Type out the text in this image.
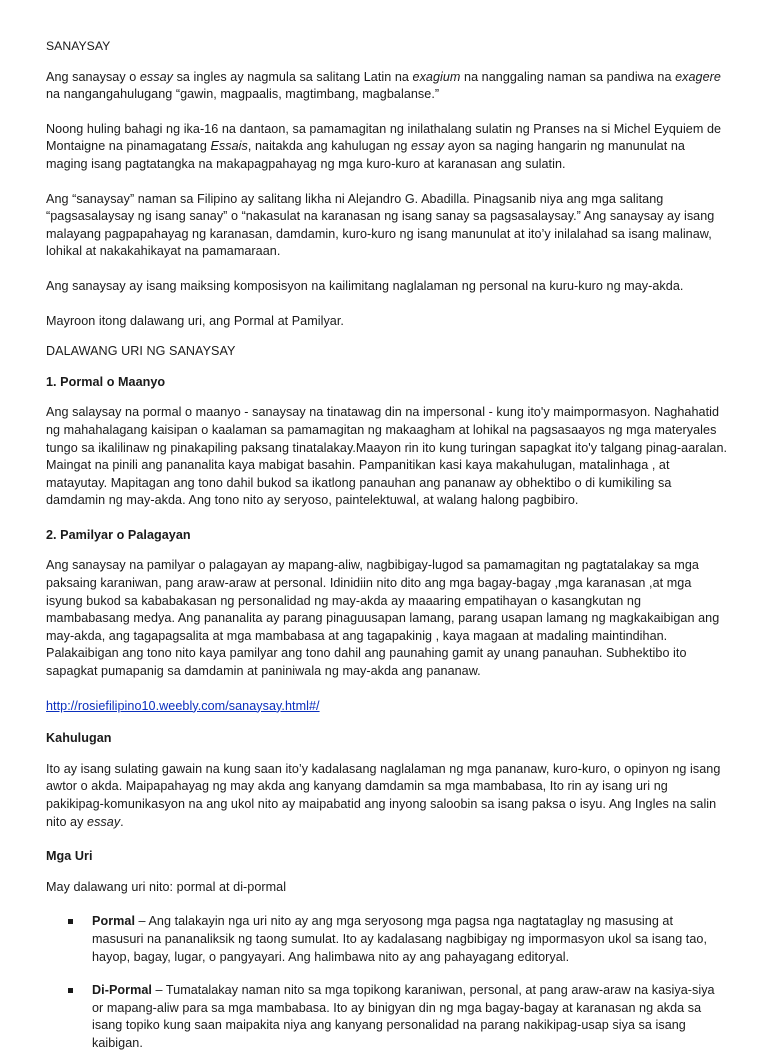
SANAYSAY

Ang sanaysay o essay sa ingles ay nagmula sa salitang Latin na exagium na nanggaling naman sa pandiwa na exagere na nangangahulugang “gawin, magpaalis, magtimbang, magbalanse.”

Noong huling bahagi ng ika-16 na dantaon, sa pamamagitan ng inilathalang sulatin ng Pranses na si Michel Eyquiem de Montaigne na pinamagatang Essais, naitakda ang kahulugan ng essay ayon sa naging hangarin ng manunulat na maging isang pagtatangka na makapagpahayag ng mga kuro-kuro at karanasan ang sulatin.

Ang “sanaysay” naman sa Filipino ay salitang likha ni Alejandro G. Abadilla. Pinagsanib niya ang mga salitang “pagsasalaysay ng isang sanay” o “nakasulat na karanasan ng isang sanay sa pagsasalaysay.” Ang sanaysay ay isang malayang pagpapahayag ng karanasan, damdamin, kuro-kuro ng isang manunulat at ito’y inilalahad sa isang malinaw, lohikal at nakakahikayat na pamamaraan.

Ang sanaysay ay isang maiksing komposisyon na kailimitang naglalaman ng personal na kuru-kuro ng may-akda.

Mayroon itong dalawang uri, ang Pormal at Pamilyar.

DALAWANG URI NG SANAYSAY
1. Pormal o Maanyo

Ang salaysay na pormal o maanyo - sanaysay na tinatawag din na impersonal - kung ito'y maimpormasyon. Naghahatid ng mahahalagang kaisipan o kaalaman sa pamamagitan ng makaagham at lohikal na pagsasaayos ng mga materyales tungo sa ikalilinaw ng pinakapiling paksang tinatalakay.Maayon rin ito kung turingan sapagkat ito'y talgang pinag-aaralan. Maingat na pinili ang pananalita kaya mabigat basahin. Pampanitikan kasi kaya makahulugan, matalinhaga , at matayutay. Mapitagan ang tono dahil bukod sa ikatlong panauhan ang pananaw ay obhektibo o di kumikiling sa damdamin ng may-akda. Ang tono nito ay seryoso, paintelektuwal, at walang halong pagbibiro.

2. Pamilyar o Palagayan

Ang sanaysay na pamilyar o palagayan ay mapang-aliw, nagbibigay-lugod sa pamamagitan ng pagtatalakay sa mga paksaing karaniwan, pang araw-araw at personal. Idinidiin nito dito ang mga bagay-bagay ,mga karanasan ,at mga isyung bukod sa kababakasan ng personalidad ng may-akda ay maaaring empatihayan o kasangkutan ng mambabasang medya. Ang pananalita ay parang pinaguusapan lamang, parang usapan lamang ng magkakaibigan ang may-akda, ang tagapagsalita at mga mambabasa at ang tagapakinig , kaya magaan at madaling maintindihan. Palakaibigan ang tono nito kaya pamilyar ang tono dahil ang paunahing gamit ay unang panauhan. Subhektibo ito sapagkat pumapanig sa damdamin at paniniwala ng may-akda ang pananaw.

http://rosiefilipino10.weebly.com/sanaysay.html#/
Kahulugan

Ito ay isang sulating gawain na kung saan ito’y kadalasang naglalaman ng mga pananaw, kuro-kuro, o opinyon ng isang awtor o akda. Maipapahayag ng may akda ang kanyang damdamin sa mga mambabasa, Ito rin ay isang uri ng pakikipag-komunikasyon na ang ukol nito ay maipabatid ang inyong saloobin sa isang paksa o isyu. Ang Ingles na salin nito ay essay.

Mga Uri

May dalawang uri nito: pormal at di-pormal

Pormal – Ang talakayin nga uri nito ay ang mga seryosong mga pagsa nga nagtataglay ng masusing at masusuri na pananaliksik ng taong sumulat. Ito ay kadalasang nagbibigay ng impormasyon ukol sa isang tao, hayop, bagay, lugar, o pangyayari. Ang halimbawa nito ay ang pahayagang editoryal.
Di-Pormal – Tumatalakay naman nito sa mga topikong karaniwan, personal, at pang araw-araw na kasiya-siya or mapang-aliw para sa mga mambabasa. Ito ay binigyan din ng mga bagay-bagay at karanasan ng akda sa isang topiko kung saan maipakita niya ang kanyang personalidad na parang nakikipag-usap siya sa isang kaibigan.
